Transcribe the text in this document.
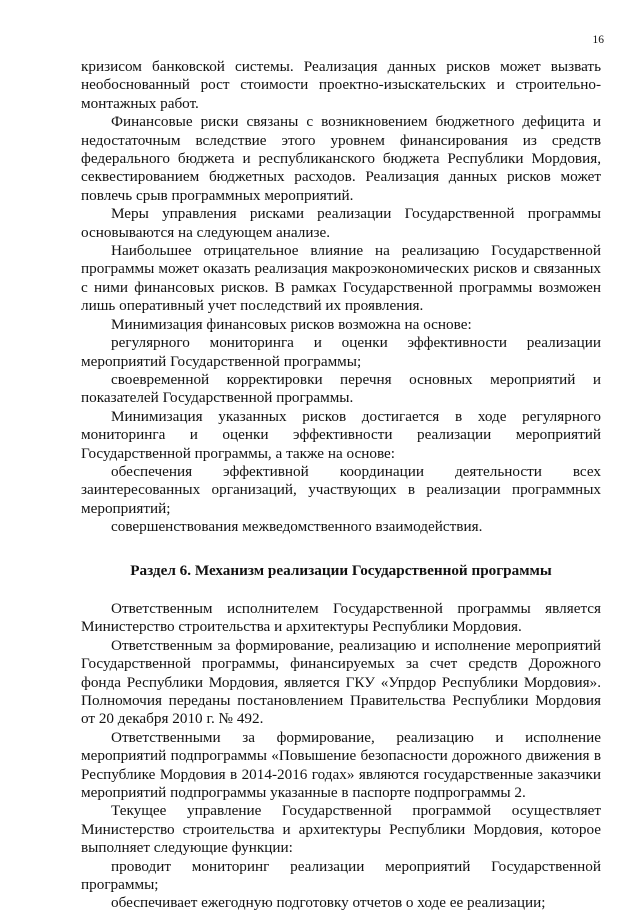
16

кризисом банковской системы. Реализация данных рисков может вызвать необоснованный рост стоимости проектно-изыскательских и строительно-монтажных работ.

Финансовые риски связаны с возникновением бюджетного дефицита и недостаточным вследствие этого уровнем финансирования из средств федерального бюджета и республиканского бюджета Республики Мордовия, секвестированием бюджетных расходов. Реализация данных рисков может повлечь срыв программных мероприятий.

Меры управления рисками реализации Государственной программы основываются на следующем анализе.

Наибольшее отрицательное влияние на реализацию Государственной программы может оказать реализация макроэкономических рисков и связанных с ними финансовых рисков. В рамках Государственной программы возможен лишь оперативный учет последствий их проявления.

Минимизация финансовых рисков возможна на основе:

регулярного мониторинга и оценки эффективности реализации мероприятий Государственной программы;

своевременной корректировки перечня основных мероприятий и показателей Государственной программы.

Минимизация указанных рисков достигается в ходе регулярного мониторинга и оценки эффективности реализации мероприятий Государственной программы, а также на основе:

обеспечения эффективной координации деятельности всех заинтересованных организаций, участвующих в реализации программных мероприятий;

совершенствования межведомственного взаимодействия.

Раздел 6. Механизм реализации Государственной программы

Ответственным исполнителем Государственной программы является Министерство строительства и архитектуры Республики Мордовия.

Ответственным за формирование, реализацию и исполнение мероприятий Государственной программы, финансируемых за счет средств Дорожного фонда Республики Мордовия, является ГКУ «Упрдор Республики Мордовия». Полномочия переданы постановлением Правительства Республики Мордовия от 20 декабря 2010 г. № 492.

Ответственными за формирование, реализацию и исполнение мероприятий подпрограммы «Повышение безопасности дорожного движения в Республике Мордовия в 2014-2016 годах» являются государственные заказчики мероприятий подпрограммы указанные в паспорте подпрограммы 2.

Текущее управление Государственной программой осуществляет Министерство строительства и архитектуры Республики Мордовия, которое выполняет следующие функции:

проводит мониторинг реализации мероприятий Государственной программы;

обеспечивает ежегодную подготовку отчетов о ходе ее реализации;
